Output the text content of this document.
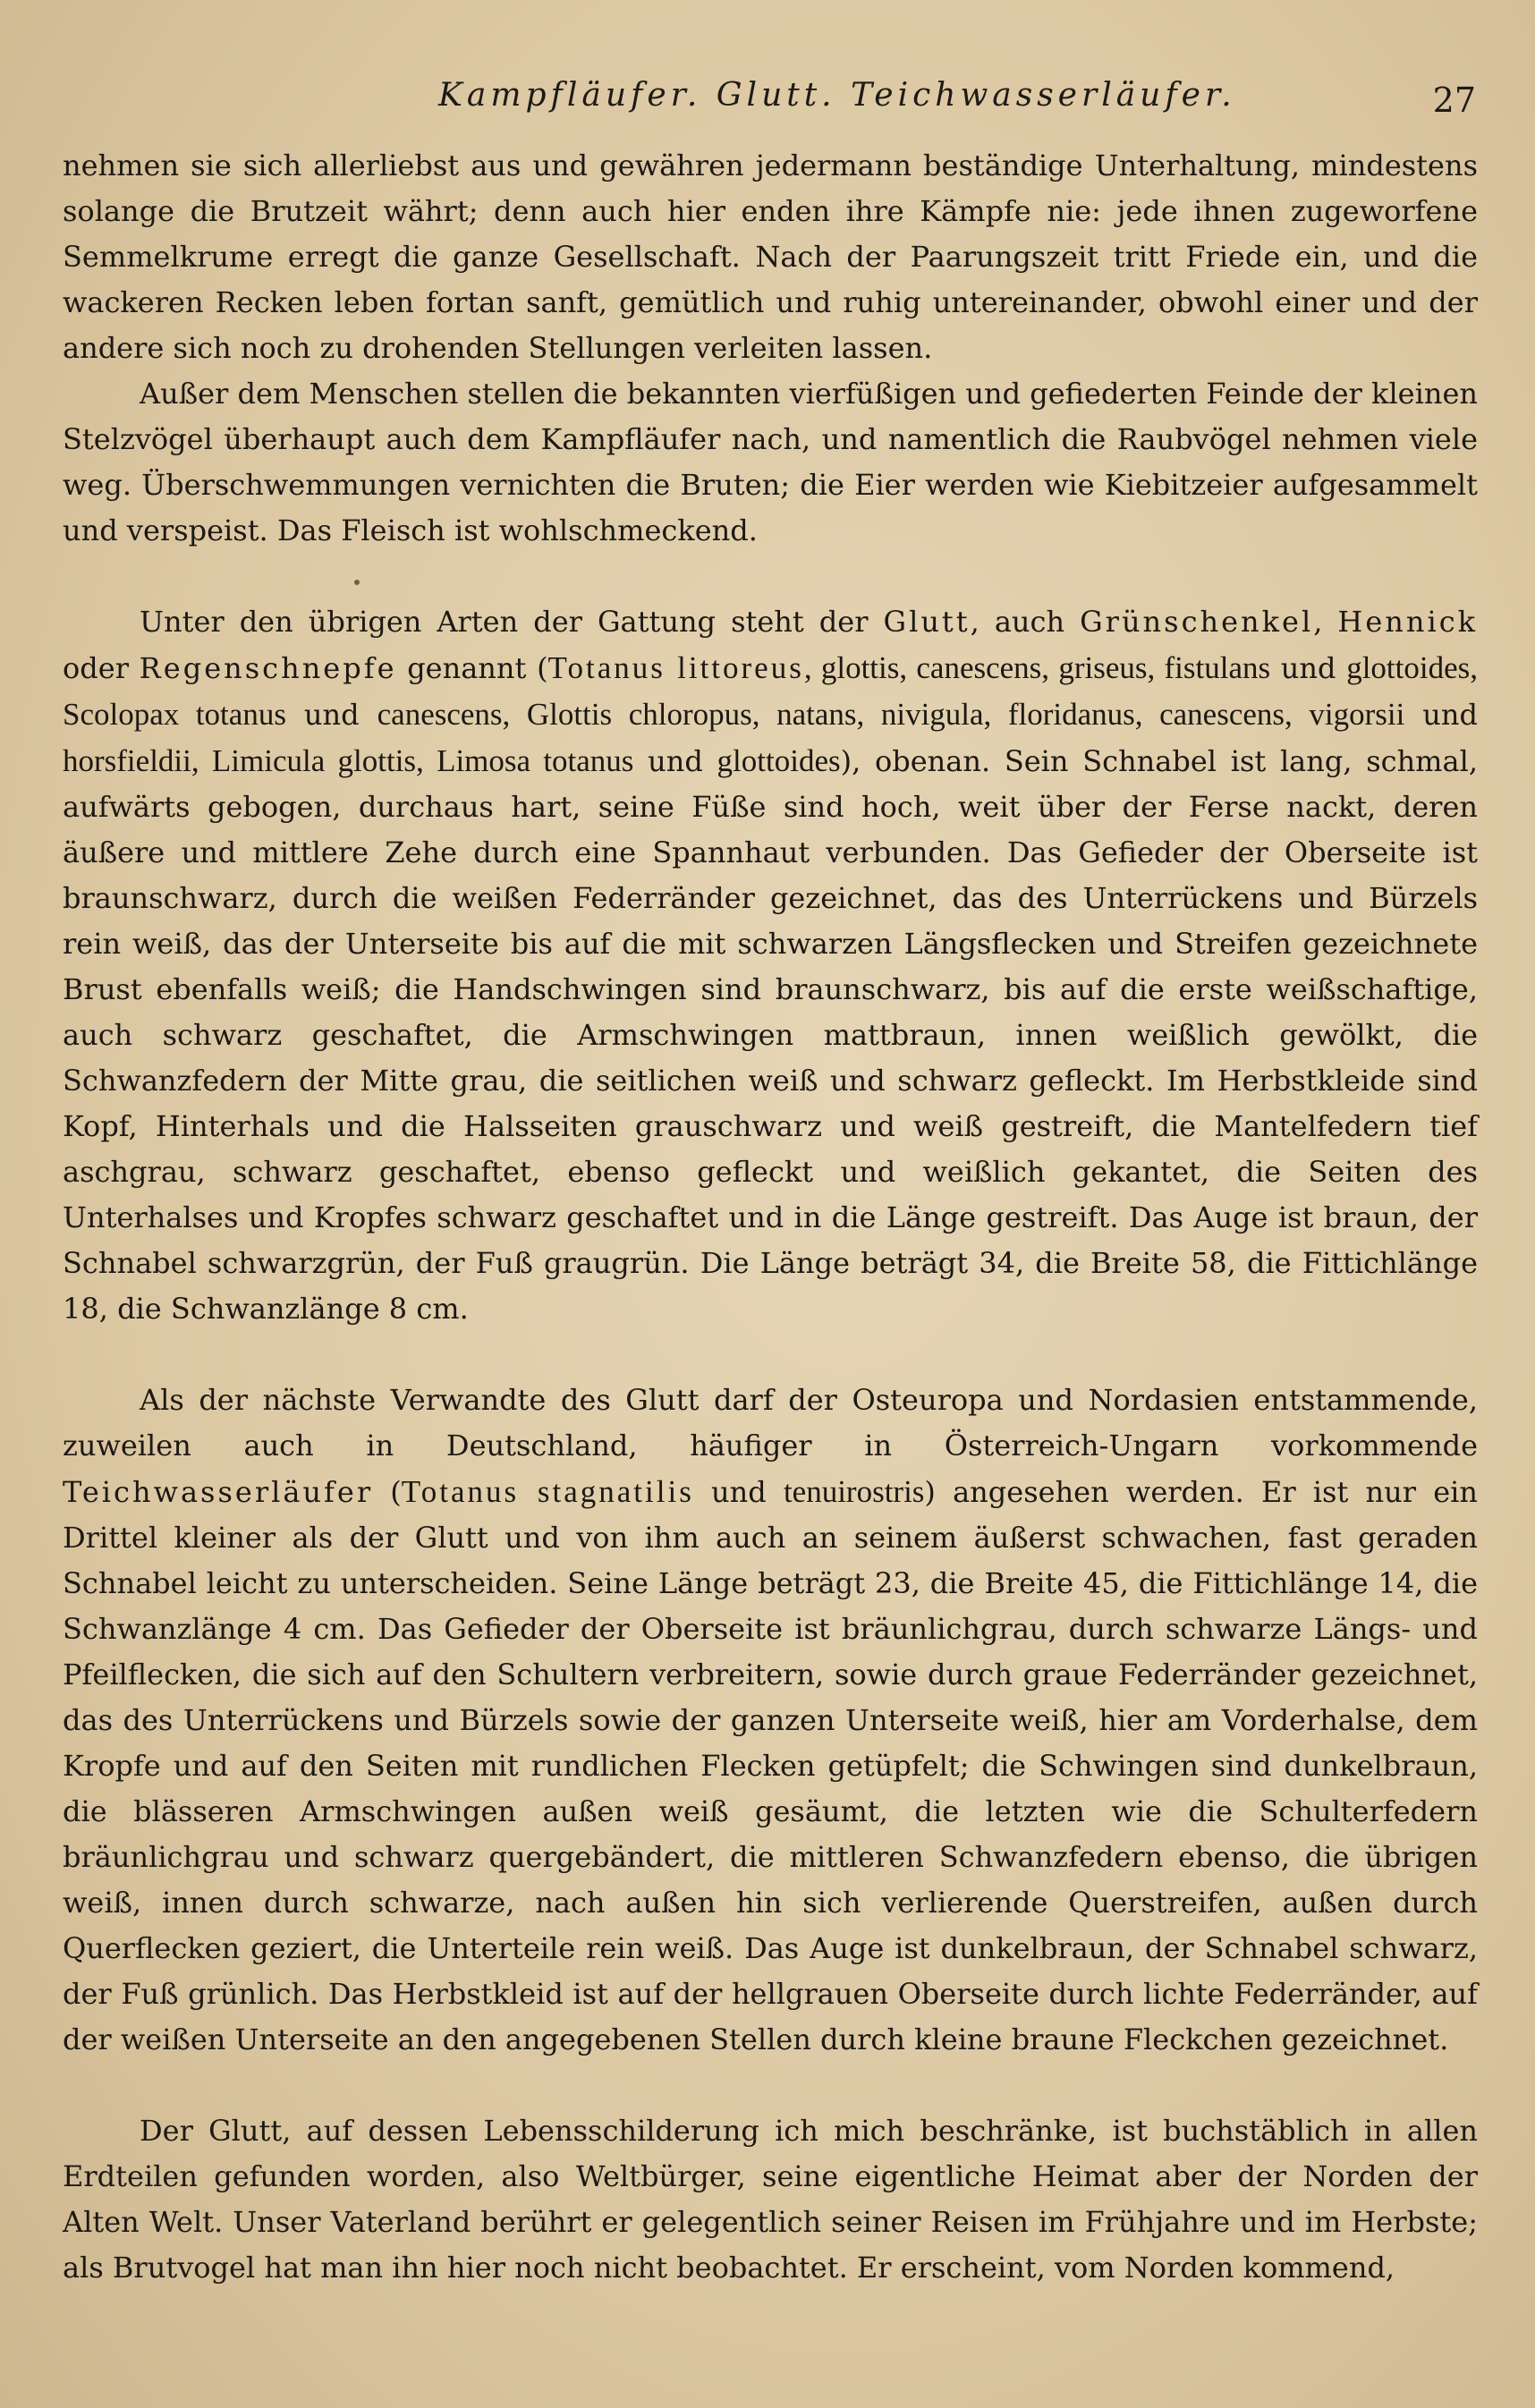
Kampfläufer. Glutt. Teichwasserläufer.	27

nehmen sie sich allerliebst aus und gewähren jedermann beständige Unterhaltung, mindestens solange die Brutzeit währt; denn auch hier enden ihre Kämpfe nie: jede ihnen zugeworfene Semmelkrume erregt die ganze Gesellschaft. Nach der Paarungszeit tritt Friede ein, und die wackeren Recken leben fortan sanft, gemütlich und ruhig untereinander, obwohl einer und der andere sich noch zu drohenden Stellungen verleiten lassen.

Außer dem Menschen stellen die bekannten vierfüßigen und gefiederten Feinde der kleinen Stelzvögel überhaupt auch dem Kampfläufer nach, und namentlich die Raubvögel nehmen viele weg. Überschwemmungen vernichten die Bruten; die Eier werden wie Kiebitzeier aufgesammelt und verspeist. Das Fleisch ist wohlschmeckend.

Unter den übrigen Arten der Gattung steht der Glutt, auch Grünschenkel, Hennick oder Regenschnepfe genannt (Totanus littoreus, glottis, canescens, griseus, fistulans und glottoides, Scolopax totanus und canescens, Glottis chloropus, natans, nivigula, floridanus, canescens, vigorsii und horsfieldii, Limicula glottis, Limosa totanus und glottoides), obenan. Sein Schnabel ist lang, schmal, aufwärts gebogen, durchaus hart, seine Füße sind hoch, weit über der Ferse nackt, deren äußere und mittlere Zehe durch eine Spannhaut verbunden. Das Gefieder der Oberseite ist braunschwarz, durch die weißen Federränder gezeichnet, das des Unterrückens und Bürzels rein weiß, das der Unterseite bis auf die mit schwarzen Längsflecken und Streifen gezeichnete Brust ebenfalls weiß; die Handschwingen sind braunschwarz, bis auf die erste weißschaftige, auch schwarz geschaftet, die Armschwingen mattbraun, innen weißlich gewölkt, die Schwanzfedern der Mitte grau, die seitlichen weiß und schwarz gefleckt. Im Herbstkleide sind Kopf, Hinterhals und die Halsseiten grauschwarz und weiß gestreift, die Mantelfedern tief aschgrau, schwarz geschaftet, ebenso gefleckt und weißlich gekantet, die Seiten des Unterhalses und Kropfes schwarz geschaftet und in die Länge gestreift. Das Auge ist braun, der Schnabel schwarzgrün, der Fuß graugrün. Die Länge beträgt 34, die Breite 58, die Fittichlänge 18, die Schwanzlänge 8 cm.

Als der nächste Verwandte des Glutt darf der Osteuropa und Nordasien entstammende, zuweilen auch in Deutschland, häufiger in Österreich-Ungarn vorkommende Teichwasserläufer (Totanus stagnatilis und tenuirostris) angesehen werden. Er ist nur ein Drittel kleiner als der Glutt und von ihm auch an seinem äußerst schwachen, fast geraden Schnabel leicht zu unterscheiden. Seine Länge beträgt 23, die Breite 45, die Fittichlänge 14, die Schwanzlänge 4 cm. Das Gefieder der Oberseite ist bräunlichgrau, durch schwarze Längs- und Pfeilflecken, die sich auf den Schultern verbreitern, sowie durch graue Federränder gezeichnet, das des Unterrückens und Bürzels sowie der ganzen Unterseite weiß, hier am Vorderhalse, dem Kropfe und auf den Seiten mit rundlichen Flecken getüpfelt; die Schwingen sind dunkelbraun, die blässeren Armschwingen außen weiß gesäumt, die letzten wie die Schulterfedern bräunlichgrau und schwarz quergebändert, die mittleren Schwanzfedern ebenso, die übrigen weiß, innen durch schwarze, nach außen hin sich verlierende Querstreifen, außen durch Querflecken geziert, die Unterteile rein weiß. Das Auge ist dunkelbraun, der Schnabel schwarz, der Fuß grünlich. Das Herbstkleid ist auf der hellgrauen Oberseite durch lichte Federränder, auf der weißen Unterseite an den angegebenen Stellen durch kleine braune Fleckchen gezeichnet.

Der Glutt, auf dessen Lebensschilderung ich mich beschränke, ist buchstäblich in allen Erdteilen gefunden worden, also Weltbürger, seine eigentliche Heimat aber der Norden der Alten Welt. Unser Vaterland berührt er gelegentlich seiner Reisen im Frühjahre und im Herbste; als Brutvogel hat man ihn hier noch nicht beobachtet. Er erscheint, vom Norden kommend,
